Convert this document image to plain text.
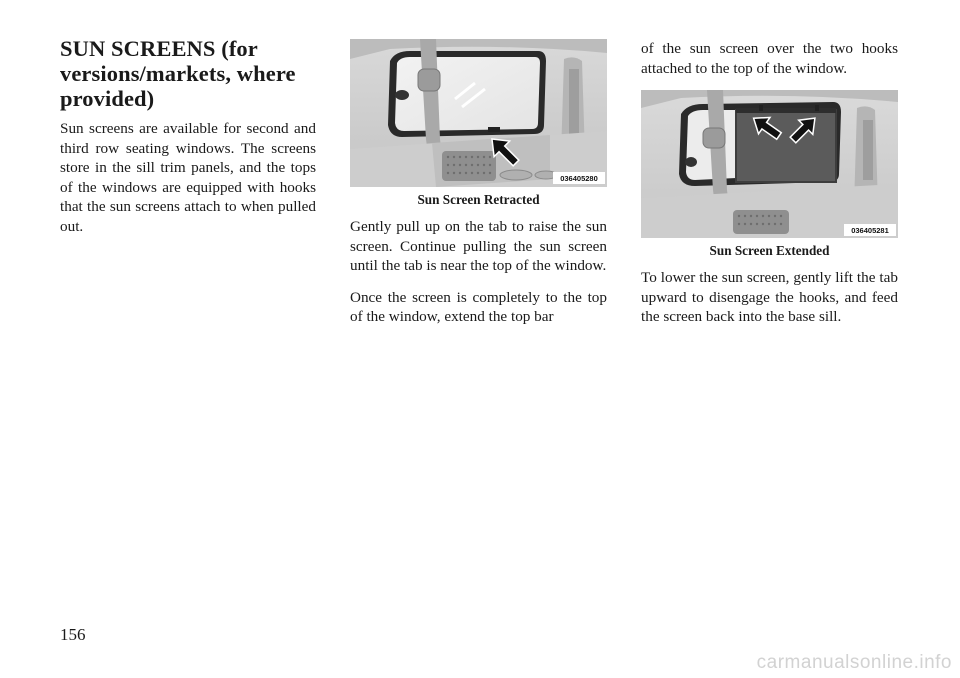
SUN SCREENS (for versions/markets, where provided)

Sun screens are available for second and third row seating windows. The screens store in the sill trim panels, and the tops of the windows are equipped with hooks that the sun screens attach to when pulled out.

036405280
Sun Screen Retracted

Gently pull up on the tab to raise the sun screen. Continue pulling the sun screen until the tab is near the top of the window.

Once the screen is completely to the top of the window, extend the top bar

of the sun screen over the two hooks attached to the top of the window.

036405281
Sun Screen Extended

To lower the sun screen, gently lift the tab upward to disengage the hooks, and feed the screen back into the base sill.

156
carmanualsonline.info
